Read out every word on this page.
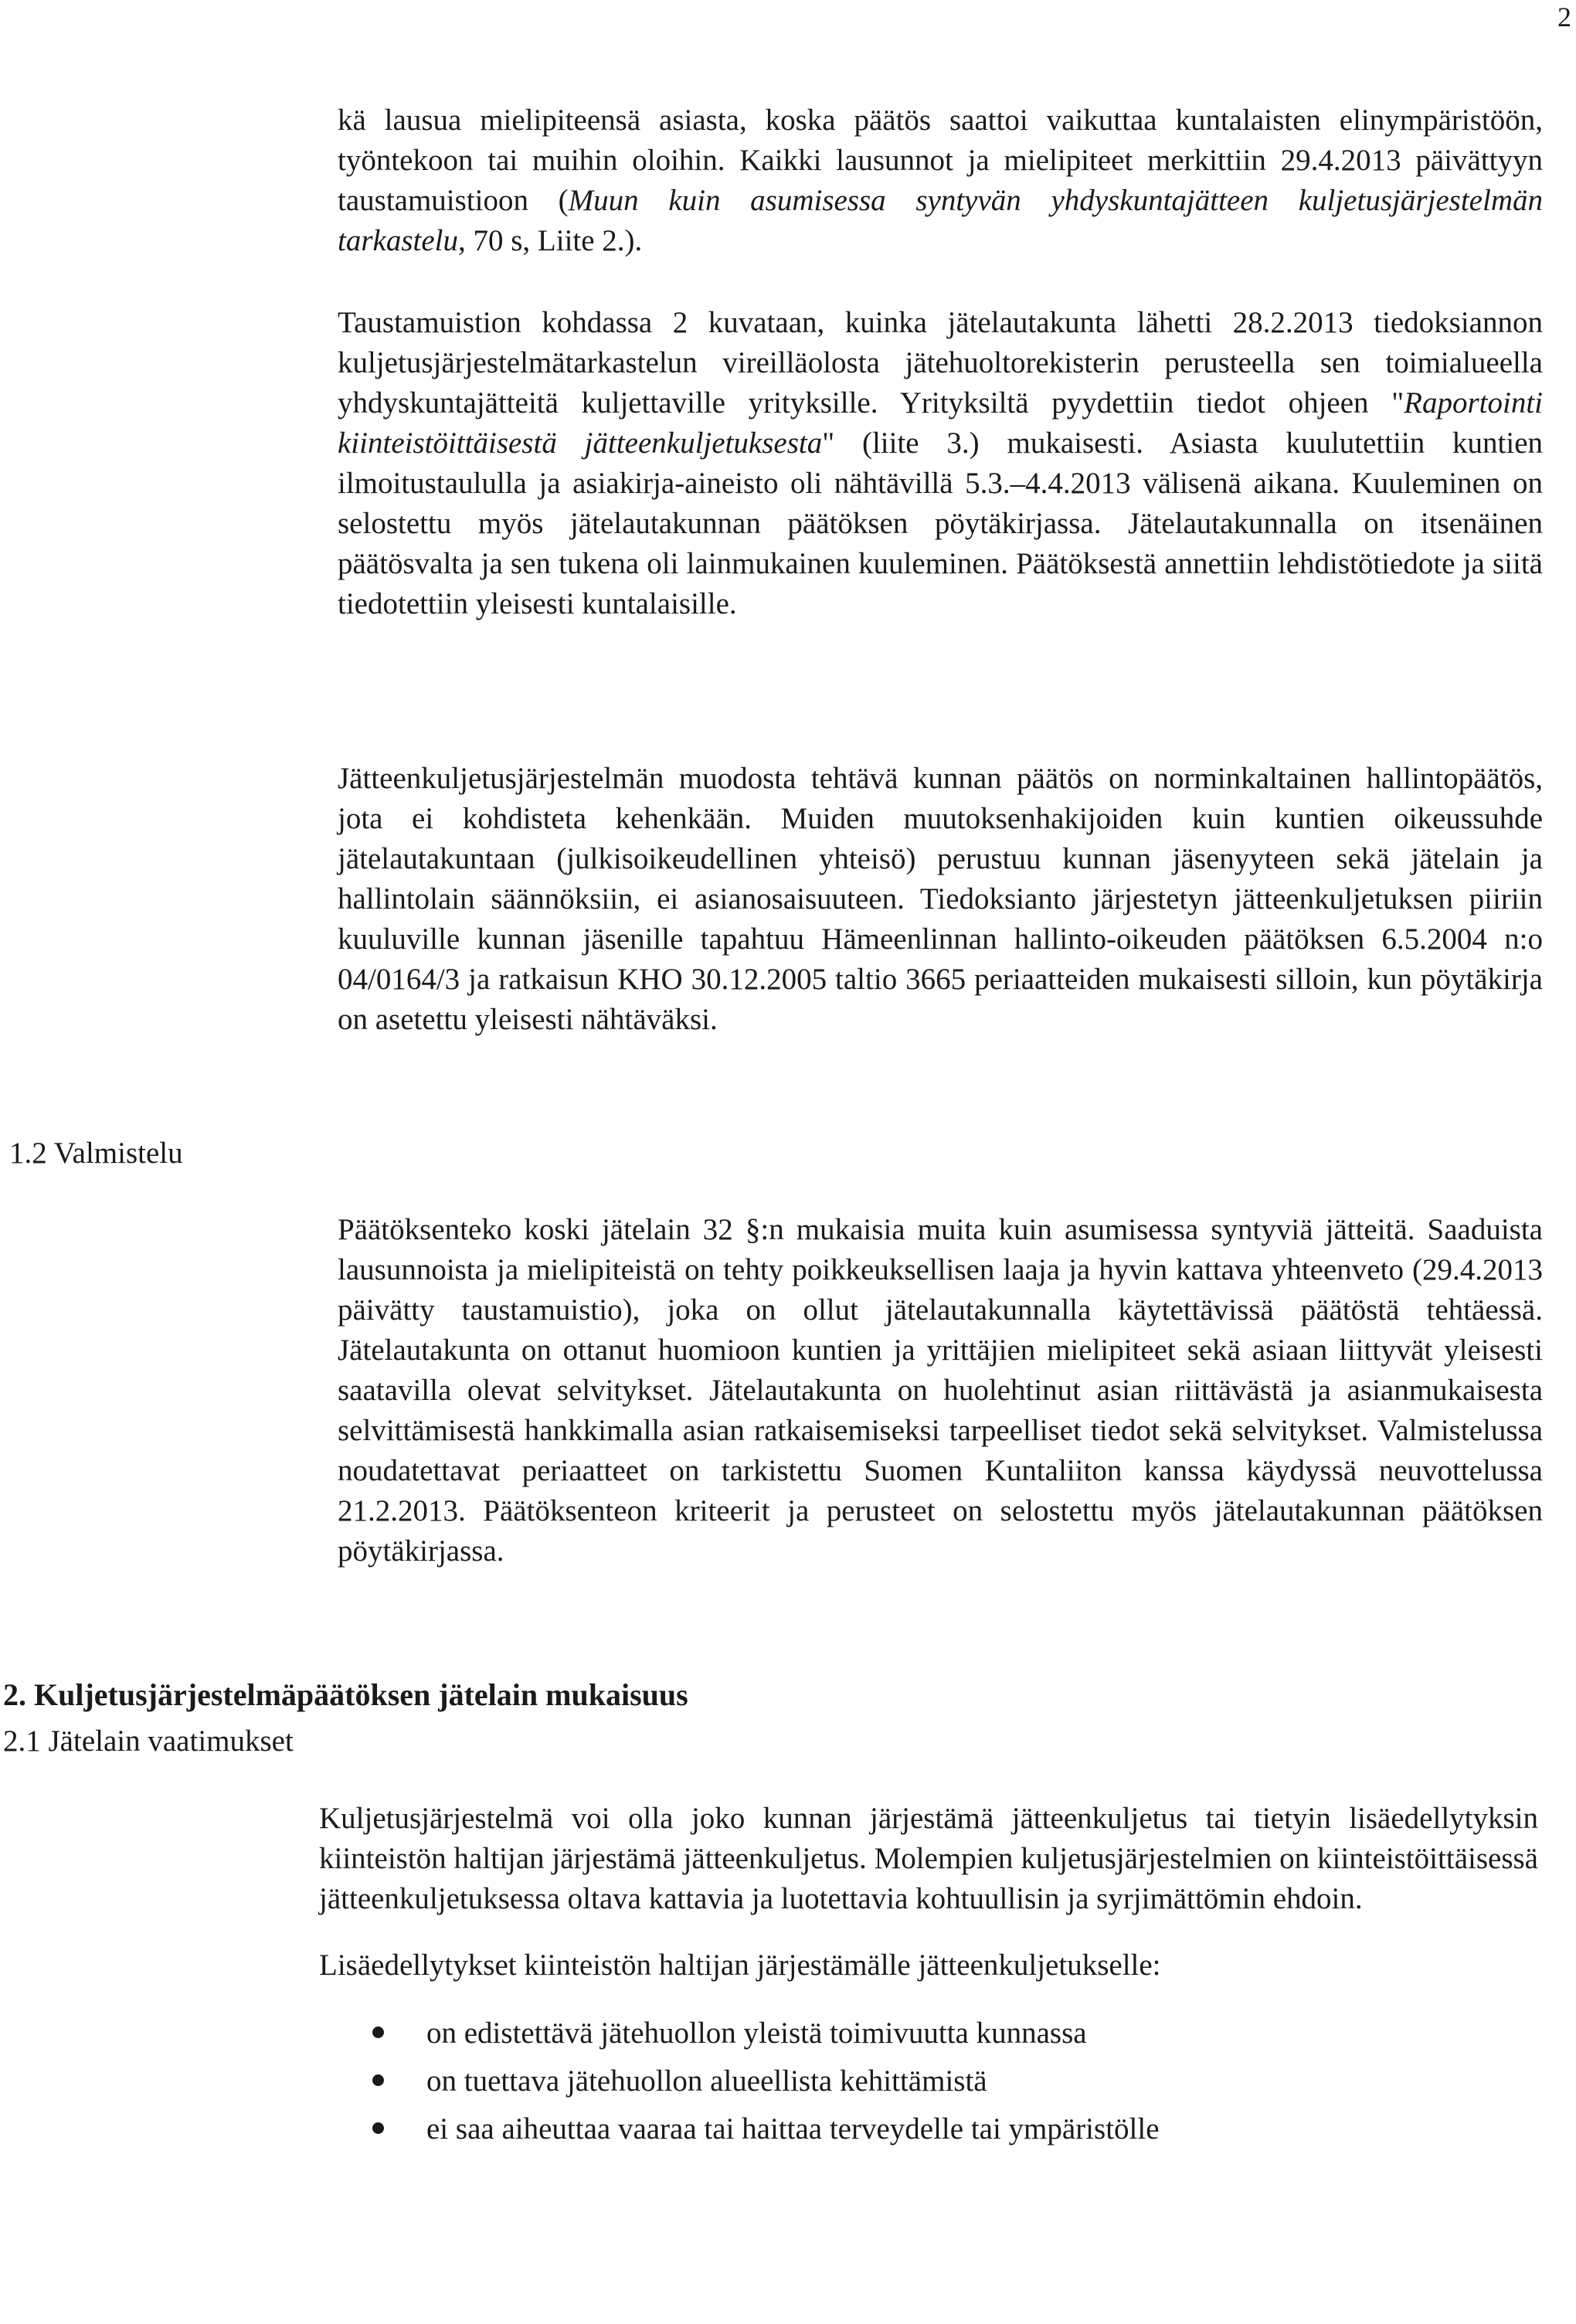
2

kä lausua mielipiteensä asiasta, koska päätös saattoi vaikuttaa kuntalaisten elinympäristöön, työntekoon tai muihin oloihin. Kaikki lausunnot ja mielipiteet merkittiin 29.4.2013 päivättyyn taustamuistioon (Muun kuin asumisessa syntyvän yhdyskuntajätteen kuljetusjärjestelmän tarkastelu, 70 s, Liite 2.).

Taustamuistion kohdassa 2 kuvataan, kuinka jätelautakunta lähetti 28.2.2013 tiedoksiannon kuljetusjärjestelmätarkastelun vireilläolosta jätehuoltorekisterin perusteella sen toimialueella yhdyskuntajätteitä kuljettaville yrityksille. Yrityksiltä pyydettiin tiedot ohjeen "Raportointi kiinteistöittäisestä jätteenkuljetuksesta" (liite 3.) mukaisesti. Asiasta kuulutettiin kuntien ilmoitustaululla ja asiakirja-aineisto oli nähtävillä 5.3.–4.4.2013 välisenä aikana. Kuuleminen on selostettu myös jätelautakunnan päätöksen pöytäkirjassa. Jätelautakunnalla on itsenäinen päätösvalta ja sen tukena oli lainmukainen kuuleminen. Päätöksestä annettiin lehdistötiedote ja siitä tiedotettiin yleisesti kuntalaisille.

Jätteenkuljetusjärjestelmän muodosta tehtävä kunnan päätös on norminkaltainen hallintopäätös, jota ei kohdisteta kehenkään. Muiden muutoksenhakijoiden kuin kuntien oikeussuhde jätelautakuntaan (julkisoikeudellinen yhteisö) perustuu kunnan jäsenyyteen sekä jätelain ja hallintolain säännöksiin, ei asianosaisuuteen. Tiedoksianto järjestetyn jätteenkuljetuksen piiriin kuuluville kunnan jäsenille tapahtuu Hämeenlinnan hallinto-oikeuden päätöksen 6.5.2004 n:o 04/0164/3 ja ratkaisun KHO 30.12.2005 taltio 3665 periaatteiden mukaisesti silloin, kun pöytäkirja on asetettu yleisesti nähtäväksi.

1.2 Valmistelu

Päätöksenteko koski jätelain 32 §:n mukaisia muita kuin asumisessa syntyviä jätteitä. Saaduista lausunnoista ja mielipiteistä on tehty poikkeuksellisen laaja ja hyvin kattava yhteenveto (29.4.2013 päivätty taustamuistio), joka on ollut jätelautakunnalla käytettävissä päätöstä tehtäessä. Jätelautakunta on ottanut huomioon kuntien ja yrittäjien mielipiteet sekä asiaan liittyvät yleisesti saatavilla olevat selvitykset. Jätelautakunta on huolehtinut asian riittävästä ja asianmukaisesta selvittämisestä hankkimalla asian ratkaisemiseksi tarpeelliset tiedot sekä selvitykset. Valmistelussa noudatettavat periaatteet on tarkistettu Suomen Kuntaliiton kanssa käydyssä neuvottelussa 21.2.2013. Päätöksenteon kriteerit ja perusteet on selostettu myös jätelautakunnan päätöksen pöytäkirjassa.

2. Kuljetusjärjestelmäpäätöksen jätelain mukaisuus

2.1 Jätelain vaatimukset

Kuljetusjärjestelmä voi olla joko kunnan järjestämä jätteenkuljetus tai tietyin lisäedellytyksin kiinteistön haltijan järjestämä jätteenkuljetus. Molempien kuljetusjärjestelmien on kiinteistöittäisessä jätteenkuljetuksessa oltava kattavia ja luotettavia kohtuullisin ja syrjimättömin ehdoin.

Lisäedellytykset kiinteistön haltijan järjestämälle jätteenkuljetukselle:

on edistettävä jätehuollon yleistä toimivuutta kunnassa
on tuettava jätehuollon alueellista kehittämistä
ei saa aiheuttaa vaaraa tai haittaa terveydelle tai ympäristölle
